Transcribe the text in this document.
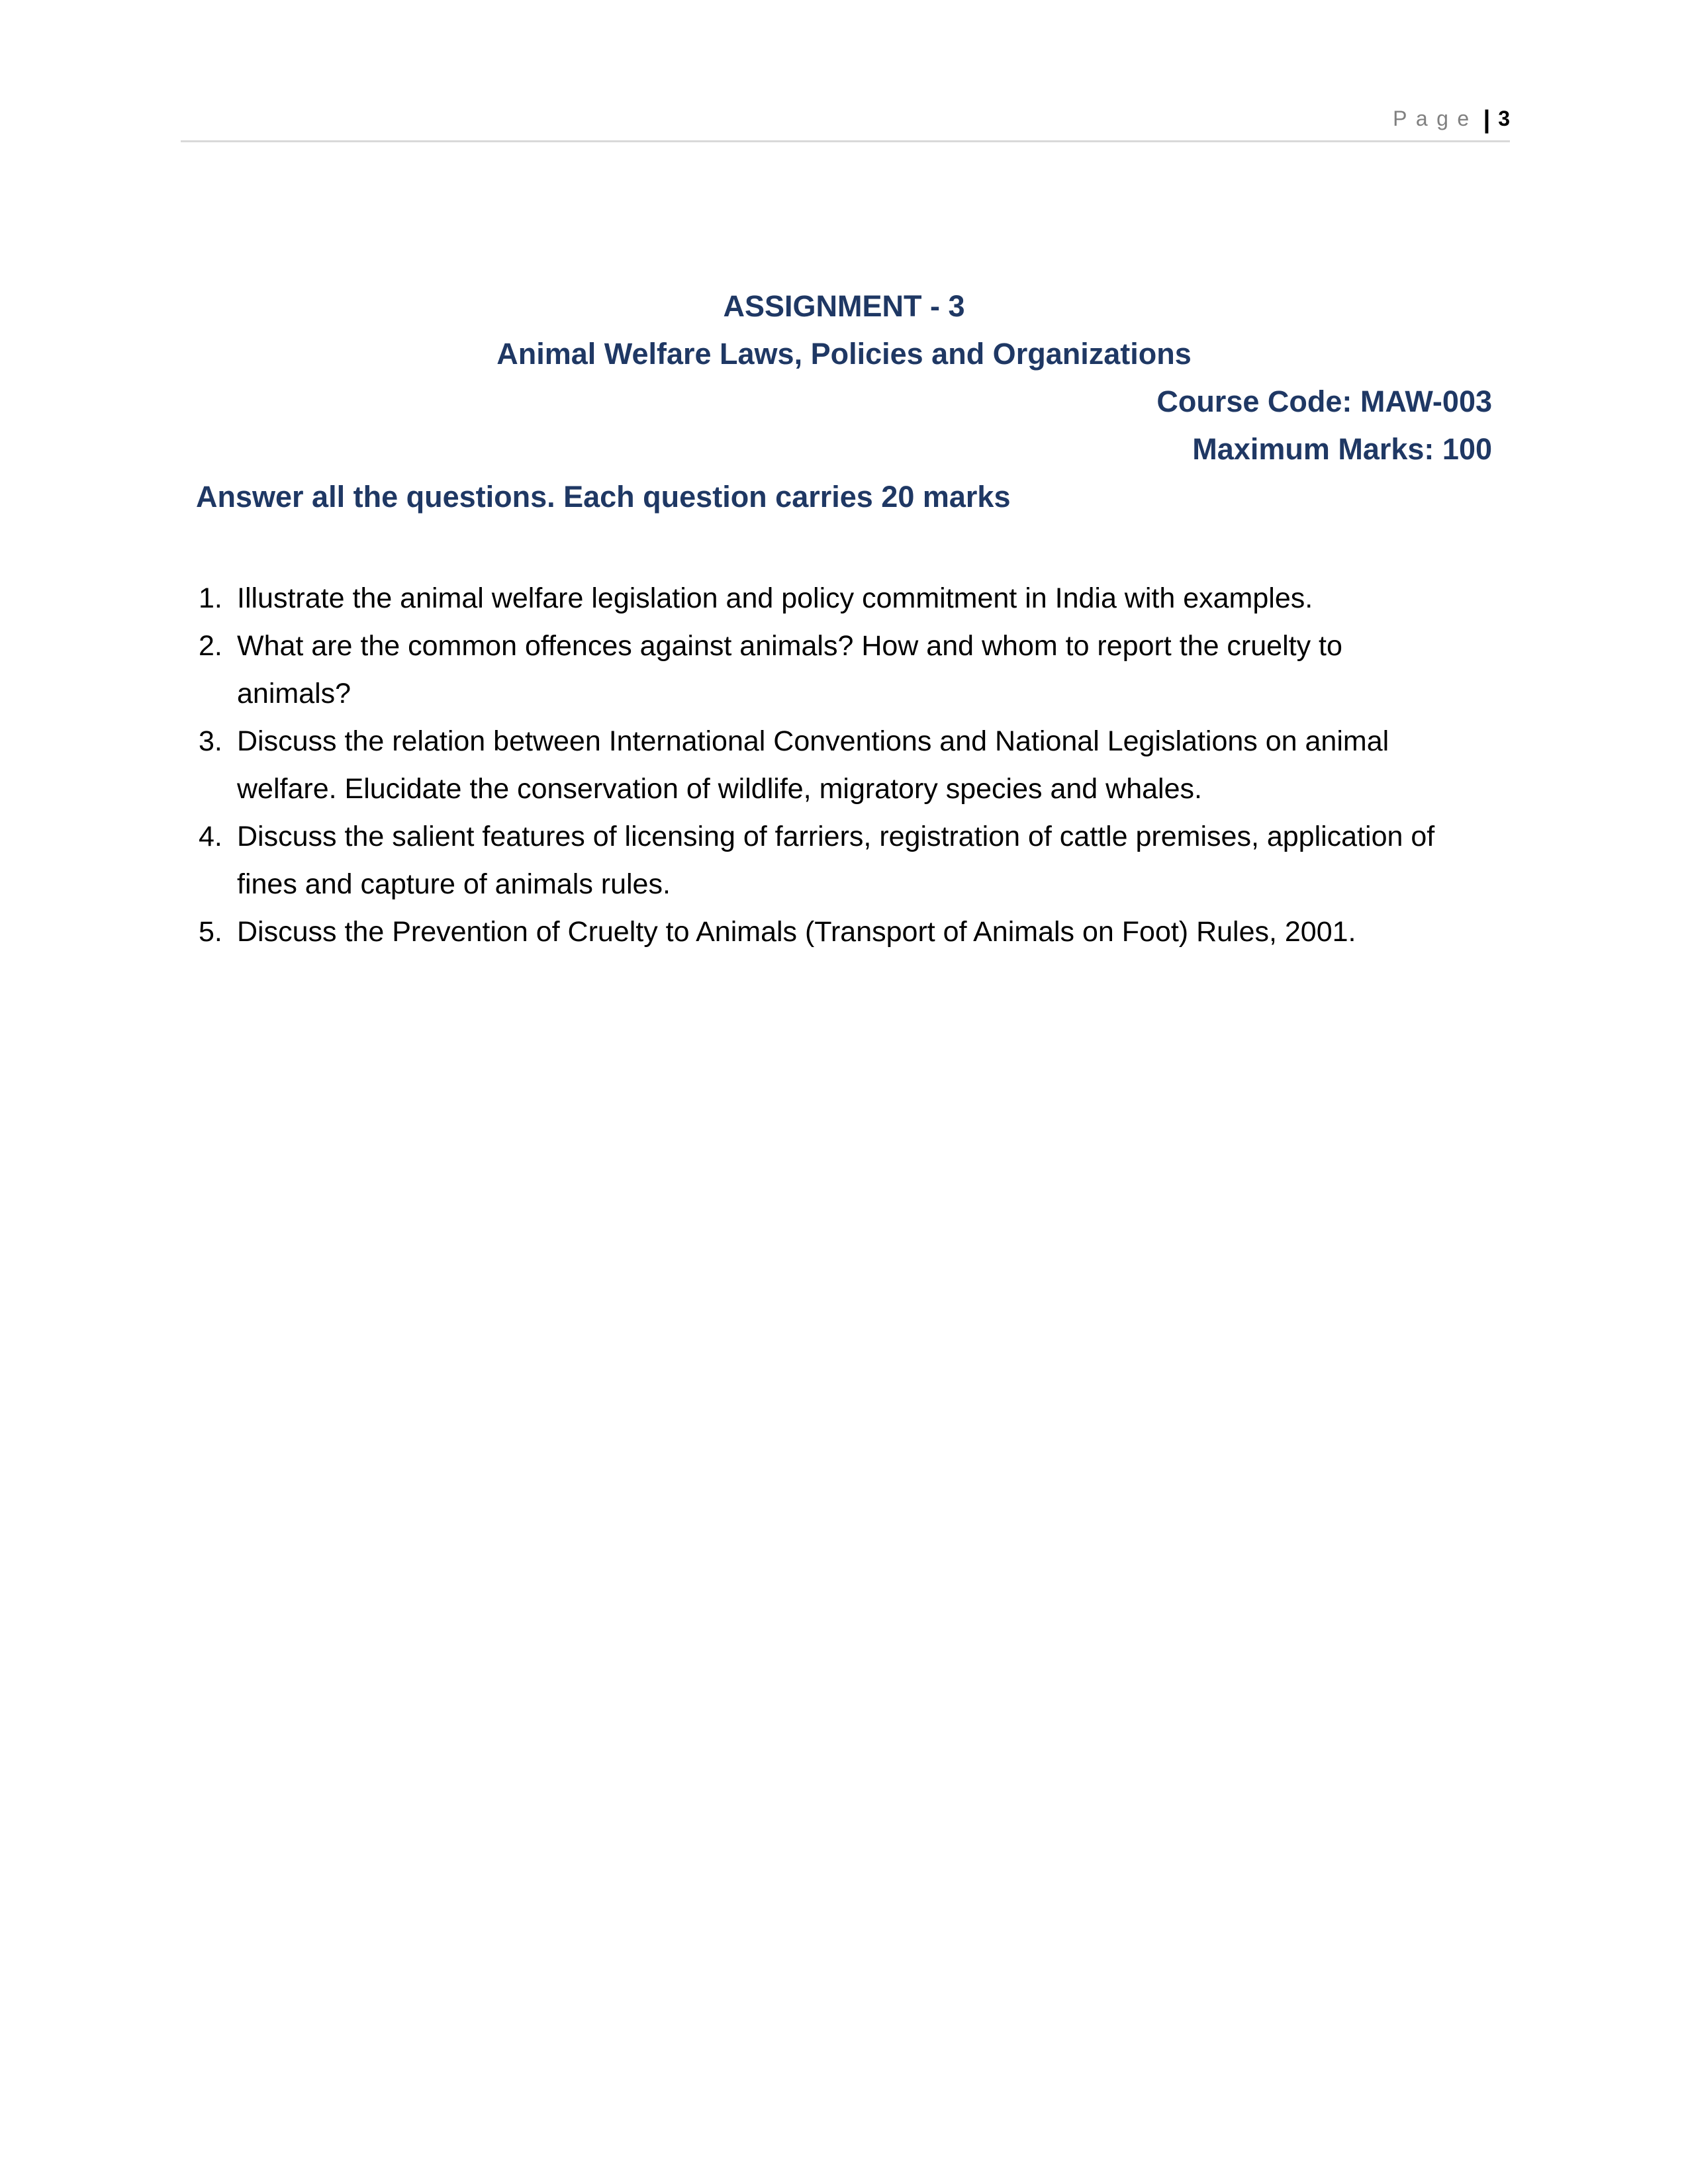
Page | 3
ASSIGNMENT - 3
Animal Welfare Laws, Policies and Organizations
Course Code: MAW-003
Maximum Marks: 100
Answer all the questions. Each question carries 20 marks
1. Illustrate the animal welfare legislation and policy commitment in India with examples.
2. What are the common offences against animals? How and whom to report the cruelty to animals?
3. Discuss the relation between International Conventions and National Legislations on animal welfare. Elucidate the conservation of wildlife, migratory species and whales.
4. Discuss the salient features of licensing of farriers, registration of cattle premises, application of fines and capture of animals rules.
5. Discuss the Prevention of Cruelty to Animals (Transport of Animals on Foot) Rules, 2001.
